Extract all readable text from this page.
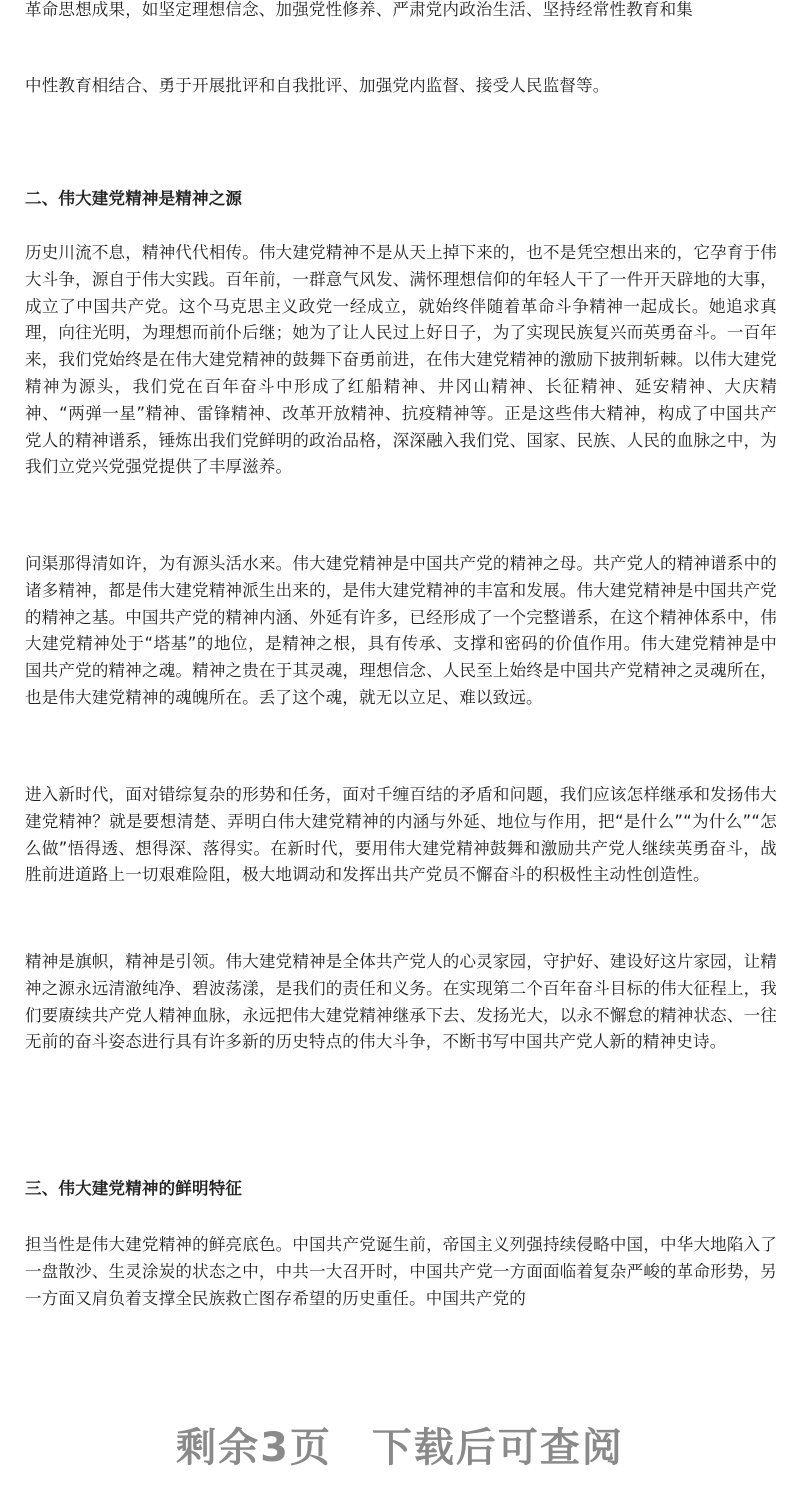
革命思想成果，如坚定理想信念、加强党性修养、严肃党内政治生活、坚持经常性教育和集

中性教育相结合、勇于开展批评和自我批评、加强党内监督、接受人民监督等。

二、伟大建党精神是精神之源

历史川流不息，精神代代相传。伟大建党精神不是从天上掉下来的，也不是凭空想出来的，它孕育于伟大斗争，源自于伟大实践。百年前，一群意气风发、满怀理想信仰的年轻人干了一件开天辟地的大事，成立了中国共产党。这个马克思主义政党一经成立，就始终伴随着革命斗争精神一起成长。她追求真理，向往光明，为理想而前仆后继；她为了让人民过上好日子，为了实现民族复兴而英勇奋斗。一百年来，我们党始终是在伟大建党精神的鼓舞下奋勇前进，在伟大建党精神的激励下披荆斩棘。以伟大建党精神为源头，我们党在百年奋斗中形成了红船精神、井冈山精神、长征精神、延安精神、大庆精神、“两弹一星”精神、雷锋精神、改革开放精神、抗疫精神等。正是这些伟大精神，构成了中国共产党人的精神谱系，锤炼出我们党鲜明的政治品格，深深融入我们党、国家、民族、人民的血脉之中，为我们立党兴党强党提供了丰厚滋养。

问渠那得清如许，为有源头活水来。伟大建党精神是中国共产党的精神之母。共产党人的精神谱系中的诸多精神，都是伟大建党精神派生出来的，是伟大建党精神的丰富和发展。伟大建党精神是中国共产党的精神之基。中国共产党的精神内涵、外延有许多，已经形成了一个完整谱系，在这个精神体系中，伟大建党精神处于“塔基”的地位，是精神之根，具有传承、支撑和密码的价值作用。伟大建党精神是中国共产党的精神之魂。精神之贵在于其灵魂，理想信念、人民至上始终是中国共产党精神之灵魂所在，也是伟大建党精神的魂魄所在。丢了这个魂，就无以立足、难以致远。

进入新时代，面对错综复杂的形势和任务，面对千缠百结的矛盾和问题，我们应该怎样继承和发扬伟大建党精神？就是要想清楚、弄明白伟大建党精神的内涵与外延、地位与作用，把“是什么”“为什么”“怎么做”悟得透、想得深、落得实。在新时代，要用伟大建党精神鼓舞和激励共产党人继续英勇奋斗，战胜前进道路上一切艰难险阻，极大地调动和发挥出共产党员不懈奋斗的积极性主动性创造性。

精神是旗帜，精神是引领。伟大建党精神是全体共产党人的心灵家园，守护好、建设好这片家园，让精神之源永远清澈纯净、碧波荡漾，是我们的责任和义务。在实现第二个百年奋斗目标的伟大征程上，我们要赓续共产党人精神血脉，永远把伟大建党精神继承下去、发扬光大，以永不懈怠的精神状态、一往无前的奋斗姿态进行具有许多新的历史特点的伟大斗争，不断书写中国共产党人新的精神史诗。

三、伟大建党精神的鲜明特征

担当性是伟大建党精神的鲜亮底色。中国共产党诞生前，帝国主义列强持续侵略中国，中华大地陷入了一盘散沙、生灵涂炭的状态之中，中共一大召开时，中国共产党一方面面临着复杂严峻的革命形势，另一方面又肩负着支撑全民族救亡图存希望的历史重任。中国共产党的

剩余3页 下载后可查阅
